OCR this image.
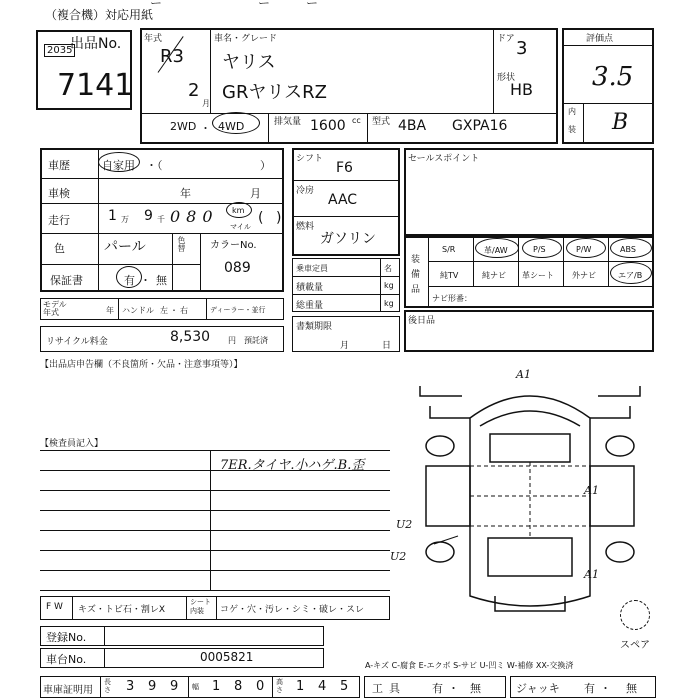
ー　　　　　　　　ー　　　ー
（複合機）対応用紙
出品No.
2035
7141
年式
R3
2
月
車名・グレード
ヤリス
GRヤリスRZ
ドア 3
形状
HB
2WD ・ 4WD	排気量 1600 cc 型式 4BA GXPA16
評価点
3.5
内
装 B
車歴	自家用 ・（	）
車検	年	月
走行	1 万 9 千 080 km
マイル
( )
色	パール	色替 カラーNo.
089
保証書	有 ・ 無
モデル年式	年 ハンドル 左 ・ 右	ディーラー・並行
リサイクル料金	8,530 円 預託済
シフト
F6
冷房
AAC
燃料
ガソリン
乗車定員	名
積載量	kg
総重量	kg
書類期限
月	日
セールスポイント
装
備
品
S/R	革/AW	P/S	P/W	ABS
純TV	純ナビ 革シート 外ナビ	エア/B
ナビ形番：
後日品
【出品店申告欄（不良箇所・欠品・注意事項等）】
【検査員記入】
7ER.タイヤ.小ハゲ.B.歪
A1
A1
A1
U2
U2
スペア
F W キズ・トビ石・割レX
シート内装	コゲ・穴・汚レ・シミ・破レ・スレ
登録No.
車台No.	0005821
A-キズ C-腐食 E-エクボ S-サビ U-凹ミ W-補修 XX-交換済
車庫証明用
長さ 3 9 9 幅 1 8 0 高さ 1 4 5 工具 有 ・ 無	ジャッキ 有 ・ 無
